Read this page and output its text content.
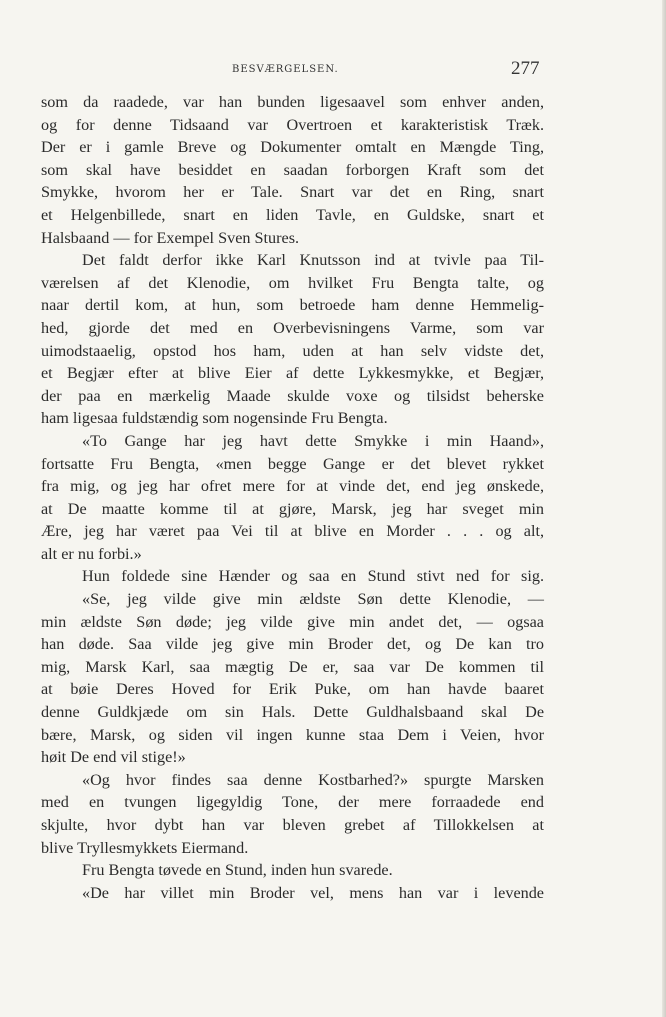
BESVÆRGELSEN.	277
som da raadede, var han bunden ligesaavel som enhver anden,
og for denne Tidsaand var Overtroen et karakteristisk Træk.
Der er i gamle Breve og Dokumenter omtalt en Mængde Ting,
som skal have besiddet en saadan forborgen Kraft som det
Smykke, hvorom her er Tale. Snart var det en Ring, snart
et Helgenbillede, snart en liden Tavle, en Guldske, snart et
Halsbaand — for Exempel Sven Stures.
Det faldt derfor ikke Karl Knutsson ind at tvivle paa Til-
værelsen af det Klenodie, om hvilket Fru Bengta talte, og
naar dertil kom, at hun, som betroede ham denne Hemmelig-
hed, gjorde det med en Overbevisningens Varme, som var
uimodstaaelig, opstod hos ham, uden at han selv vidste det,
et Begjær efter at blive Eier af dette Lykkesmykke, et Begjær,
der paa en mærkelig Maade skulde voxe og tilsidst beherske
ham ligesaa fuldstændig som nogensinde Fru Bengta.
«To Gange har jeg havt dette Smykke i min Haand»,
fortsatte Fru Bengta, «men begge Gange er det blevet rykket
fra mig, og jeg har ofret mere for at vinde det, end jeg ønskede,
at De maatte komme til at gjøre, Marsk, jeg har sveget min
Ære, jeg har været paa Vei til at blive en Morder . . . og alt,
alt er nu forbi.»
Hun foldede sine Hænder og saa en Stund stivt ned for sig.
«Se, jeg vilde give min ældste Søn dette Klenodie, —
min ældste Søn døde; jeg vilde give min andet det, — ogsaa
han døde. Saa vilde jeg give min Broder det, og De kan tro
mig, Marsk Karl, saa mægtig De er, saa var De kommen til
at bøie Deres Hoved for Erik Puke, om han havde baaret
denne Guldkjæde om sin Hals. Dette Guldhalsbaand skal De
bære, Marsk, og siden vil ingen kunne staa Dem i Veien, hvor
høit De end vil stige!»
«Og hvor findes saa denne Kostbarhed?» spurgte Marsken
med en tvungen ligegyldig Tone, der mere forraadede end
skjulte, hvor dybt han var bleven grebet af Tillokkelsen at
blive Tryllesmykkets Eiermand.
Fru Bengta tøvede en Stund, inden hun svarede.
«De har villet min Broder vel, mens han var i levende
